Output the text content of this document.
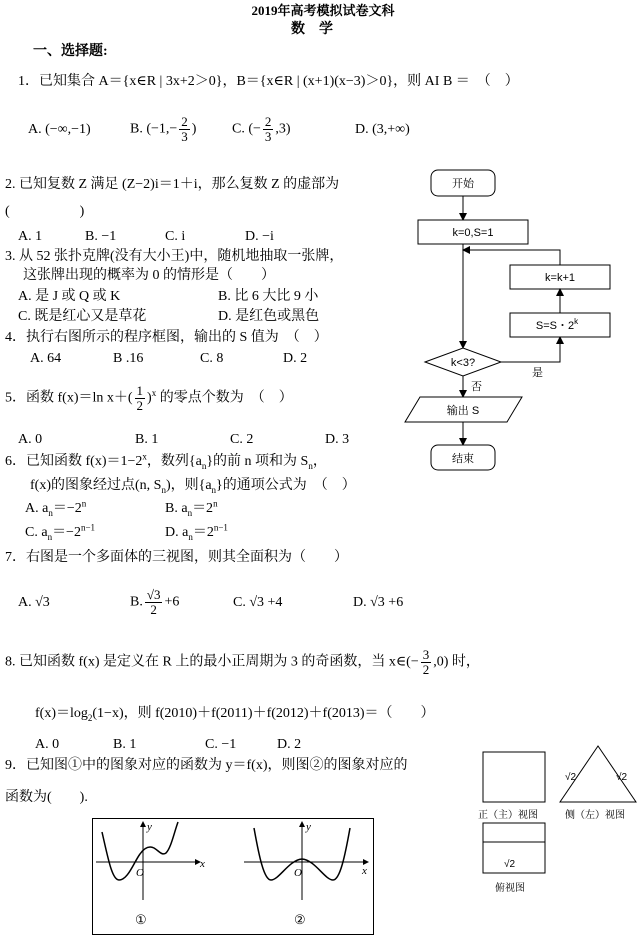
2019年高考模拟试卷文科
数　学
一、选择题:
1．已知集合 A＝{x∈R | 3x+2＞0}，B＝{x∈R | (x+1)(x−3)＞0}，则 AI B ＝　（　）
A. (−∞,−1)	B. ($-1,- \frac{2}{3}$ )	C. (− $\frac{2}{3} ,3$)	D. (3,+∞)
2. 已知复数 Z 满足 (Z−2)i＝1＋i，那么复数 Z 的虚部为
(　　　　　)
A. 1	B. −1	C. i	D. −i
3. 从 52 张扑克牌(没有大小王)中，随机地抽取一张牌，
这张牌出现的概率为 0 的情形是（　　）
A. 是 J 或 Q 或 K	B. 比 6 大比 9 小
C. 既是红心又是草花	D. 是红色或黑色
4．执行右图所示的程序框图，输出的 S 值为　（　）
A. 64	B .16	C. 8	D. 2
5．函数 f(x)＝ln $x+( \frac{1}{2} )^x$ 的零点个数为　（　）
A. 0	B. 1	C. 2	D. 3
6．已知函数 $f(x)=1-2^x$，数列$\{a_n\}$的前 n 项和为 $S_n$，
f(x)的图象经过点(n, $S_n$)，则$\{a_n\}$的通项公式为　（　）
A. $a_n=-2^n$	B. $a_n=2^n$
C. $a_n=-2^{n-1}$	D. $a_n=2^{n-1}$
7．右图是一个多面体的三视图，则其全面积为（　　）
A. √3	B. $\frac{√3}{2} +6$	C. √3 +4	D. √3 +6
8. 已知函数 f(x) 是定义在 R 上的最小正周期为 3 的奇函数，当 x∈(− $\frac{3}{2} ,0$) 时，
$f(x)=\log_2(1-x)$，则 f(2010)＋f(2011)＋f(2012)＋f(2013)＝（　　）
A. 0	B. 1	C. −1	D. 2
9．已知图①中的图象对应的函数为 y＝f(x)，则图②的图象对应的
函数为(　　).
开始
k=0,S=1
k=k+1
S=S・2$^k$
k<3?
是
否
输出 S
结束
正（主）视图
√2	√2
侧（左）视图
√2
俯视图
y
x
O
①
y
x
O
②
